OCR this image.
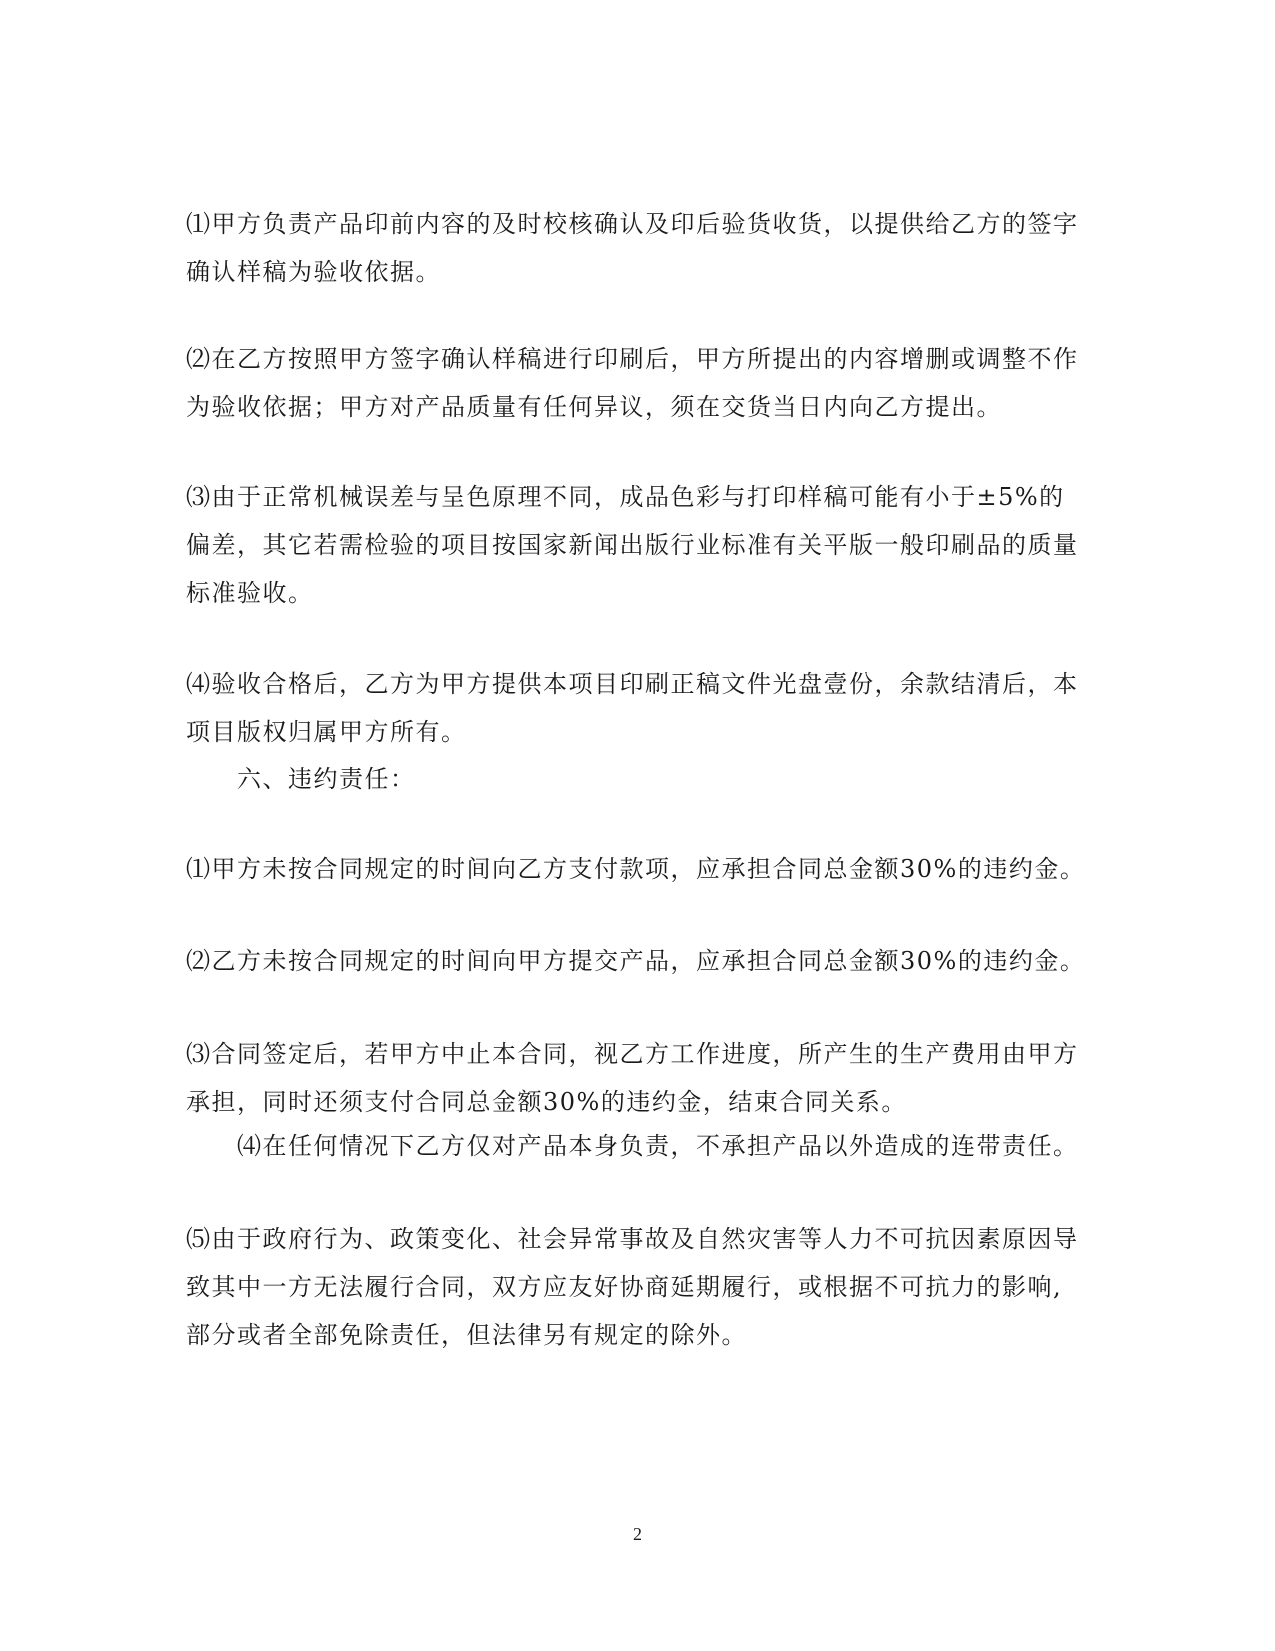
⑴甲方负责产品印前内容的及时校核确认及印后验货收货，以提供给乙方的签字确认样稿为验收依据。

⑵在乙方按照甲方签字确认样稿进行印刷后，甲方所提出的内容增删或调整不作为验收依据；甲方对产品质量有任何异议，须在交货当日内向乙方提出。

⑶由于正常机械误差与呈色原理不同，成品色彩与打印样稿可能有小于±5%的偏差，其它若需检验的项目按国家新闻出版行业标准有关平版一般印刷品的质量标准验收。

⑷验收合格后，乙方为甲方提供本项目印刷正稿文件光盘壹份，余款结清后，本项目版权归属甲方所有。

六、违约责任：

⑴甲方未按合同规定的时间向乙方支付款项，应承担合同总金额30%的违约金。

⑵乙方未按合同规定的时间向甲方提交产品，应承担合同总金额30%的违约金。

⑶合同签定后，若甲方中止本合同，视乙方工作进度，所产生的生产费用由甲方承担，同时还须支付合同总金额30%的违约金，结束合同关系。

⑷在任何情况下乙方仅对产品本身负责，不承担产品以外造成的连带责任。

⑸由于政府行为、政策变化、社会异常事故及自然灾害等人力不可抗因素原因导致其中一方无法履行合同，双方应友好协商延期履行，或根据不可抗力的影响,部分或者全部免除责任，但法律另有规定的除外。

2
